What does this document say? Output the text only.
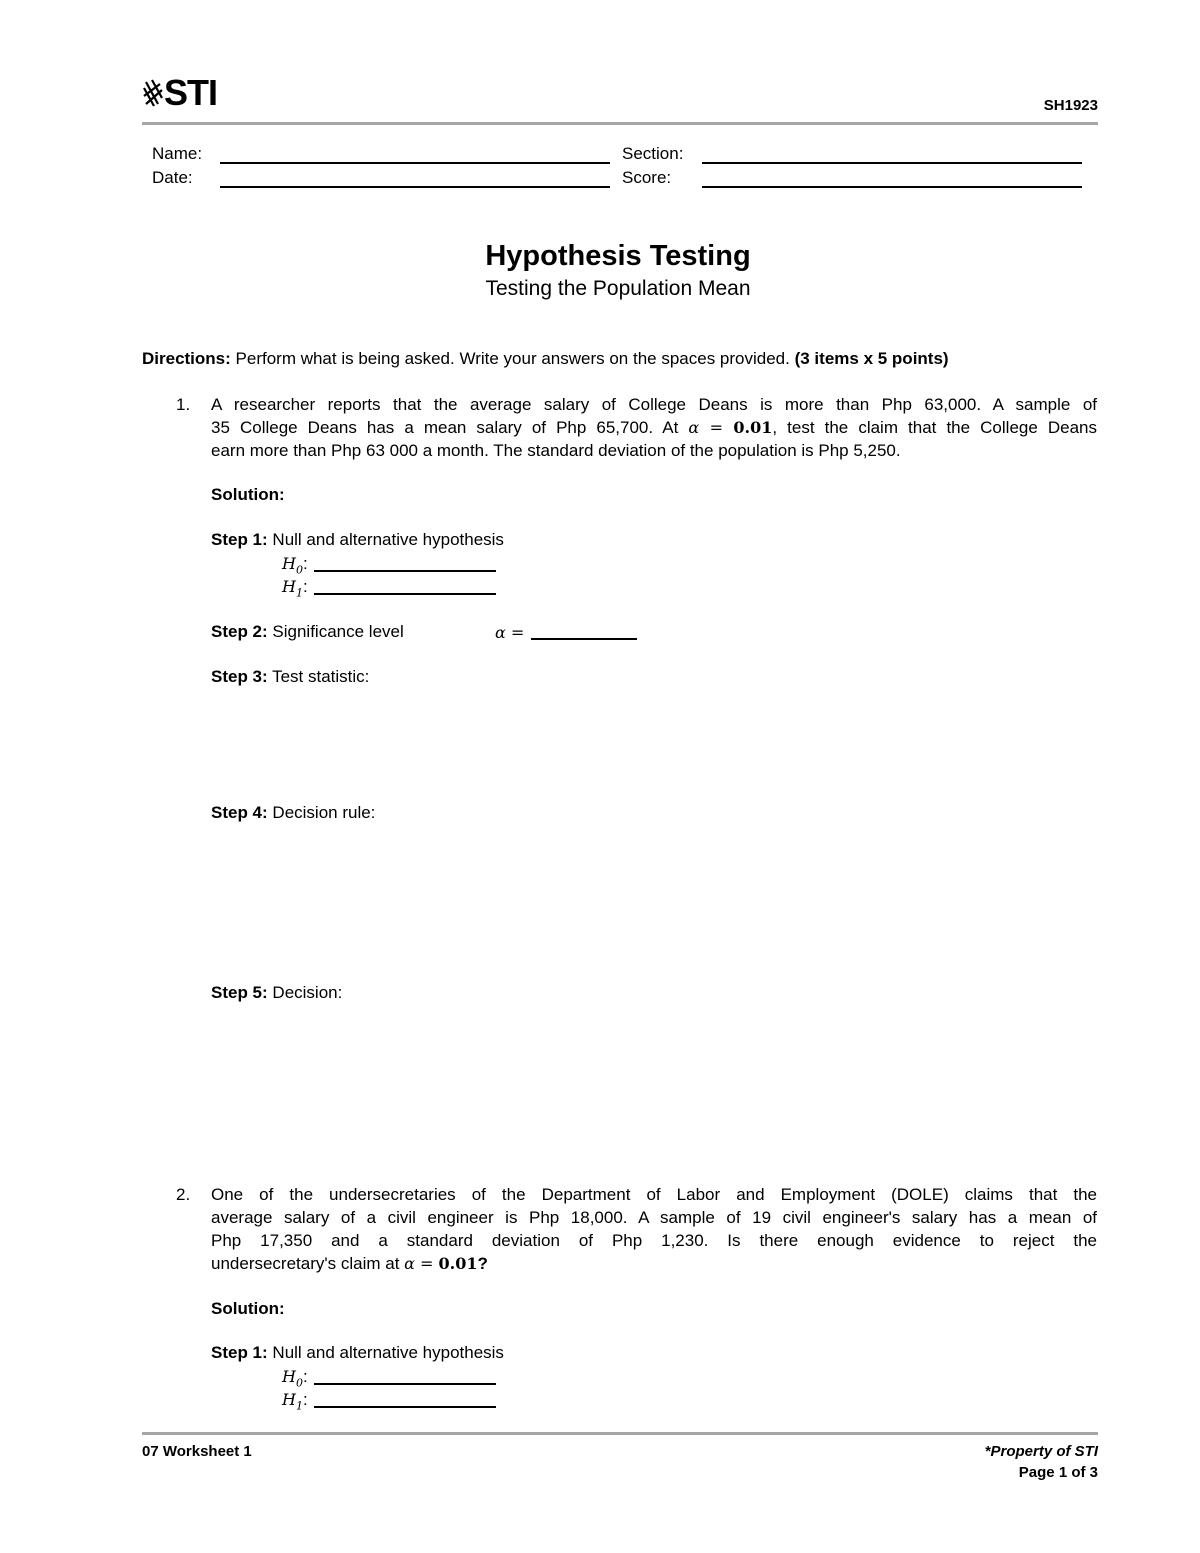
STI	SH1923
Name:	Section:
Date:	Score:
Hypothesis Testing
Testing the Population Mean
Directions: Perform what is being asked. Write your answers on the spaces provided. (3 items x 5 points)
1. A researcher reports that the average salary of College Deans is more than Php 63,000. A sample of
35 College Deans has a mean salary of Php 65,700. At α = 0.01, test the claim that the College Deans
earn more than Php 63 000 a month. The standard deviation of the population is Php 5,250.
Solution:
Step 1: Null and alternative hypothesis
$H_0$:
$H_1$:
Step 2: Significance level	α =
Step 3: Test statistic:
Step 4: Decision rule:
Step 5: Decision:
2. One of the undersecretaries of the Department of Labor and Employment (DOLE) claims that the
average salary of a civil engineer is Php 18,000. A sample of 19 civil engineer's salary has a mean of
Php 17,350 and a standard deviation of Php 1,230. Is there enough evidence to reject the
undersecretary's claim at α = 0.01?
Solution:
Step 1: Null and alternative hypothesis
$H_0$:
$H_1$:
07 Worksheet 1	*Property of STI
Page 1 of 3
